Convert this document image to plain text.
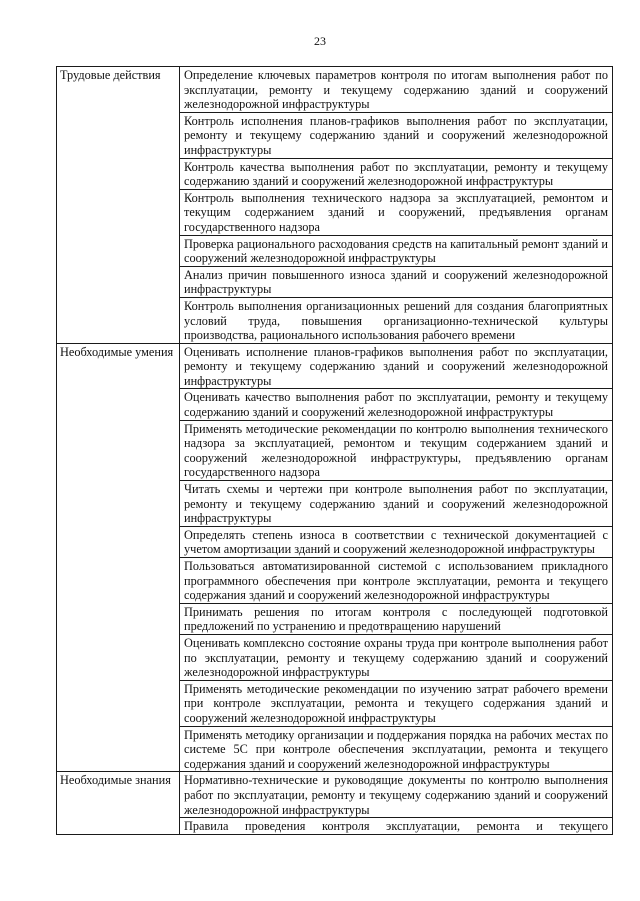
23
Трудовые действия	Определение ключевых параметров контроля по итогам выполнения работ по эксплуатации, ремонту и текущему содержанию зданий и сооружений железнодорожной инфраструктуры
	Контроль исполнения планов-графиков выполнения работ по эксплуатации, ремонту и текущему содержанию зданий и сооружений железнодорожной инфраструктуры
	Контроль качества выполнения работ по эксплуатации, ремонту и текущему содержанию зданий и сооружений железнодорожной инфраструктуры
	Контроль выполнения технического надзора за эксплуатацией, ремонтом и текущим содержанием зданий и сооружений, предъявления органам государственного надзора
	Проверка рационального расходования средств на капитальный ремонт зданий и сооружений железнодорожной инфраструктуры
	Анализ причин повышенного износа зданий и сооружений железнодорожной инфраструктуры
	Контроль выполнения организационных решений для создания благоприятных условий труда, повышения организационно-технической культуры производства, рационального использования рабочего времени
Необходимые умения	Оценивать исполнение планов-графиков выполнения работ по эксплуатации, ремонту и текущему содержанию зданий и сооружений железнодорожной инфраструктуры
	Оценивать качество выполнения работ по эксплуатации, ремонту и текущему содержанию зданий и сооружений железнодорожной инфраструктуры
	Применять методические рекомендации по контролю выполнения технического надзора за эксплуатацией, ремонтом и текущим содержанием зданий и сооружений железнодорожной инфраструктуры, предъявлению органам государственного надзора
	Читать схемы и чертежи при контроле выполнения работ по эксплуатации, ремонту и текущему содержанию зданий и сооружений железнодорожной инфраструктуры
	Определять степень износа в соответствии с технической документацией с учетом амортизации зданий и сооружений железнодорожной инфраструктуры
	Пользоваться автоматизированной системой с использованием прикладного программного обеспечения при контроле эксплуатации, ремонта и текущего содержания зданий и сооружений железнодорожной инфраструктуры
	Принимать решения по итогам контроля с последующей подготовкой предложений по устранению и предотвращению нарушений
	Оценивать комплексно состояние охраны труда при контроле выполнения работ по эксплуатации, ремонту и текущему содержанию зданий и сооружений железнодорожной инфраструктуры
	Применять методические рекомендации по изучению затрат рабочего времени при контроле эксплуатации, ремонта и текущего содержания зданий и сооружений железнодорожной инфраструктуры
	Применять методику организации и поддержания порядка на рабочих местах по системе 5С при контроле обеспечения эксплуатации, ремонта и текущего содержания зданий и сооружений железнодорожной инфраструктуры
Необходимые знания	Нормативно-технические и руководящие документы по контролю выполнения работ по эксплуатации, ремонту и текущему содержанию зданий и сооружений железнодорожной инфраструктуры
	Правила проведения контроля эксплуатации, ремонта и текущего
